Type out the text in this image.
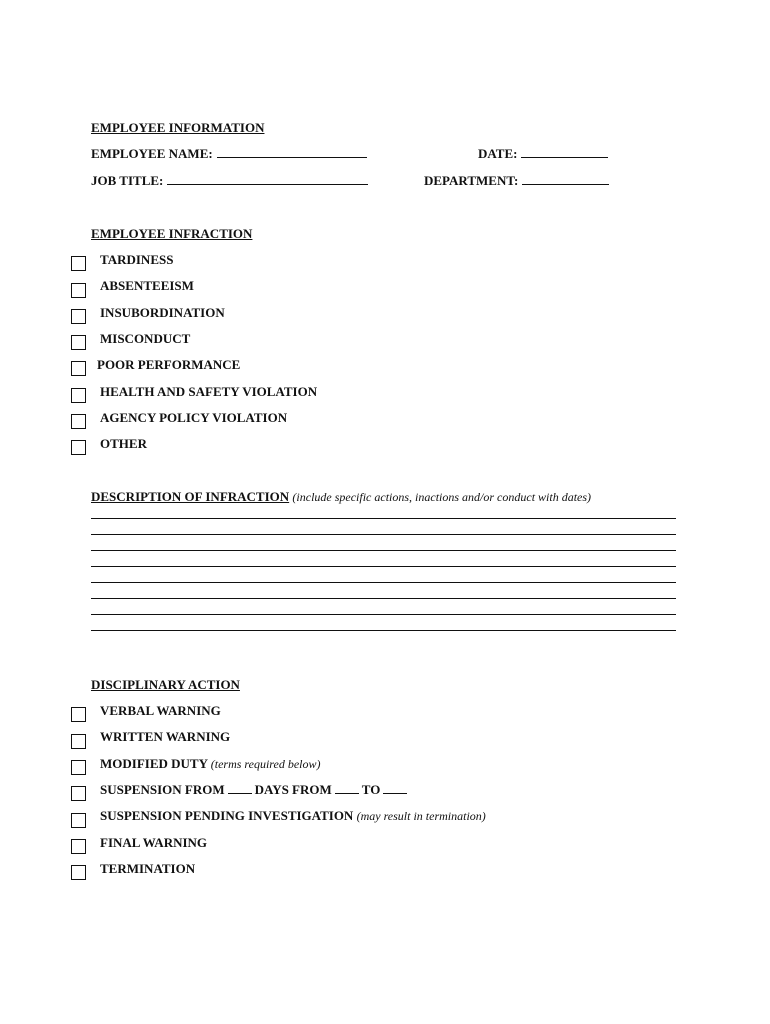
EMPLOYEE INFORMATION
EMPLOYEE NAME:	DATE:
JOB TITLE:	DEPARTMENT:
EMPLOYEE INFRACTION
TARDINESS
ABSENTEEISM
INSUBORDINATION
MISCONDUCT
POOR PERFORMANCE
HEALTH AND SAFETY VIOLATION
AGENCY POLICY VIOLATION
OTHER
DESCRIPTION OF INFRACTION (include specific actions, inactions and/or conduct with dates)
DISCIPLINARY ACTION
VERBAL WARNING
WRITTEN WARNING
MODIFIED DUTY (terms required below)
SUSPENSION FROM DAYS FROM TO
SUSPENSION PENDING INVESTIGATION (may result in termination)
FINAL WARNING
TERMINATION
